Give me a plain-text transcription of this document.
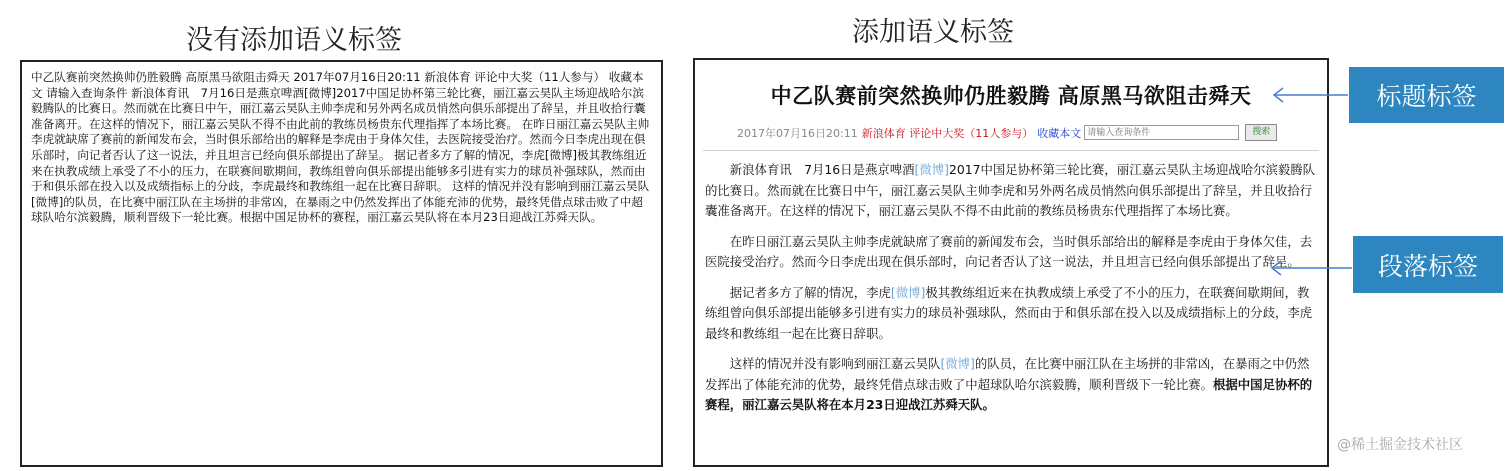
没有添加语义标签	添加语义标签
中乙队赛前突然换帅仍胜毅腾 高原黑马欲阻击舜天 2017年07月16日20:11 新浪体育 评论中大奖（11人参与） 收藏本文 请输入查询条件 新浪体育讯　7月16日是燕京啤酒[微博]2017中国足协杯第三轮比赛，丽江嘉云昊队主场迎战哈尔滨毅腾队的比赛日。然而就在比赛日中午，丽江嘉云昊队主帅李虎和另外两名成员悄然向俱乐部提出了辞呈，并且收拾行囊准备离开。在这样的情况下，丽江嘉云昊队不得不由此前的教练员杨贵东代理指挥了本场比赛。 在昨日丽江嘉云昊队主帅李虎就缺席了赛前的新闻发布会，当时俱乐部给出的解释是李虎由于身体欠佳，去医院接受治疗。然而今日李虎出现在俱乐部时，向记者否认了这一说法，并且坦言已经向俱乐部提出了辞呈。 据记者多方了解的情况，李虎[微博]极其教练组近来在执教成绩上承受了不小的压力，在联赛间歇期间，教练组曾向俱乐部提出能够多引进有实力的球员补强球队，然而由于和俱乐部在投入以及成绩指标上的分歧，李虎最终和教练组一起在比赛日辞职。 这样的情况并没有影响到丽江嘉云昊队[微博]的队员，在比赛中丽江队在主场拼的非常凶，在暴雨之中仍然发挥出了体能充沛的优势，最终凭借点球击败了中超球队哈尔滨毅腾，顺利晋级下一轮比赛。根据中国足协杯的赛程，丽江嘉云昊队将在本月23日迎战江苏舜天队。
中乙队赛前突然换帅仍胜毅腾 高原黑马欲阻击舜天
2017年07月16日20:11 新浪体育 评论中大奖（11人参与） 收藏本文
请输入查询条件	搜索

新浪体育讯　7月16日是燕京啤酒[微博]2017中国足协杯第三轮比赛，丽江嘉云昊队主场迎战哈尔滨毅腾队的比赛日。然而就在比赛日中午，丽江嘉云昊队主帅李虎和另外两名成员悄然向俱乐部提出了辞呈，并且收拾行囊准备离开。在这样的情况下，丽江嘉云昊队不得不由此前的教练员杨贵东代理指挥了本场比赛。

在昨日丽江嘉云昊队主帅李虎就缺席了赛前的新闻发布会，当时俱乐部给出的解释是李虎由于身体欠佳，去医院接受治疗。然而今日李虎出现在俱乐部时，向记者否认了这一说法，并且坦言已经向俱乐部提出了辞呈。

据记者多方了解的情况，李虎[微博]极其教练组近来在执教成绩上承受了不小的压力，在联赛间歇期间，教练组曾向俱乐部提出能够多引进有实力的球员补强球队，然而由于和俱乐部在投入以及成绩指标上的分歧，李虎最终和教练组一起在比赛日辞职。

这样的情况并没有影响到丽江嘉云昊队[微博]的队员，在比赛中丽江队在主场拼的非常凶，在暴雨之中仍然发挥出了体能充沛的优势，最终凭借点球击败了中超球队哈尔滨毅腾，顺利晋级下一轮比赛。根据中国足协杯的赛程，丽江嘉云昊队将在本月23日迎战江苏舜天队。

标题标签
段落标签
@稀土掘金技术社区
